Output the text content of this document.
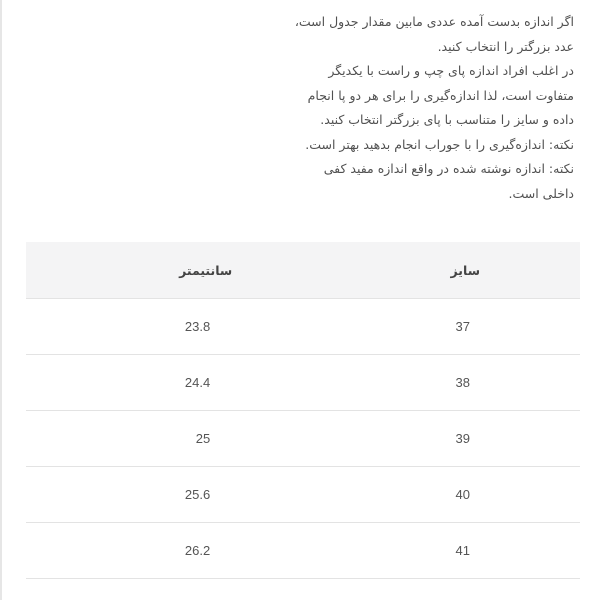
اگر اندازه بدست آمده عددی مابین مقدار جدول است،

عدد بزرگتر را انتخاب کنید.

در اغلب افراد اندازه پای چپ و راست با یکدیگر

متفاوت است، لذا اندازه‌گیری را برای هر دو پا انجام

داده و سایز را متناسب با پای بزرگتر انتخاب کنید.

نکته: اندازه‌گیری را با جوراب انجام بدهید بهتر است.

نکته: اندازه نوشته شده در واقع اندازه مفید کفی

داخلی است.

سایز	سانتیمتر
37	23.8
38	24.4
39	25
40	25.6
41	26.2
